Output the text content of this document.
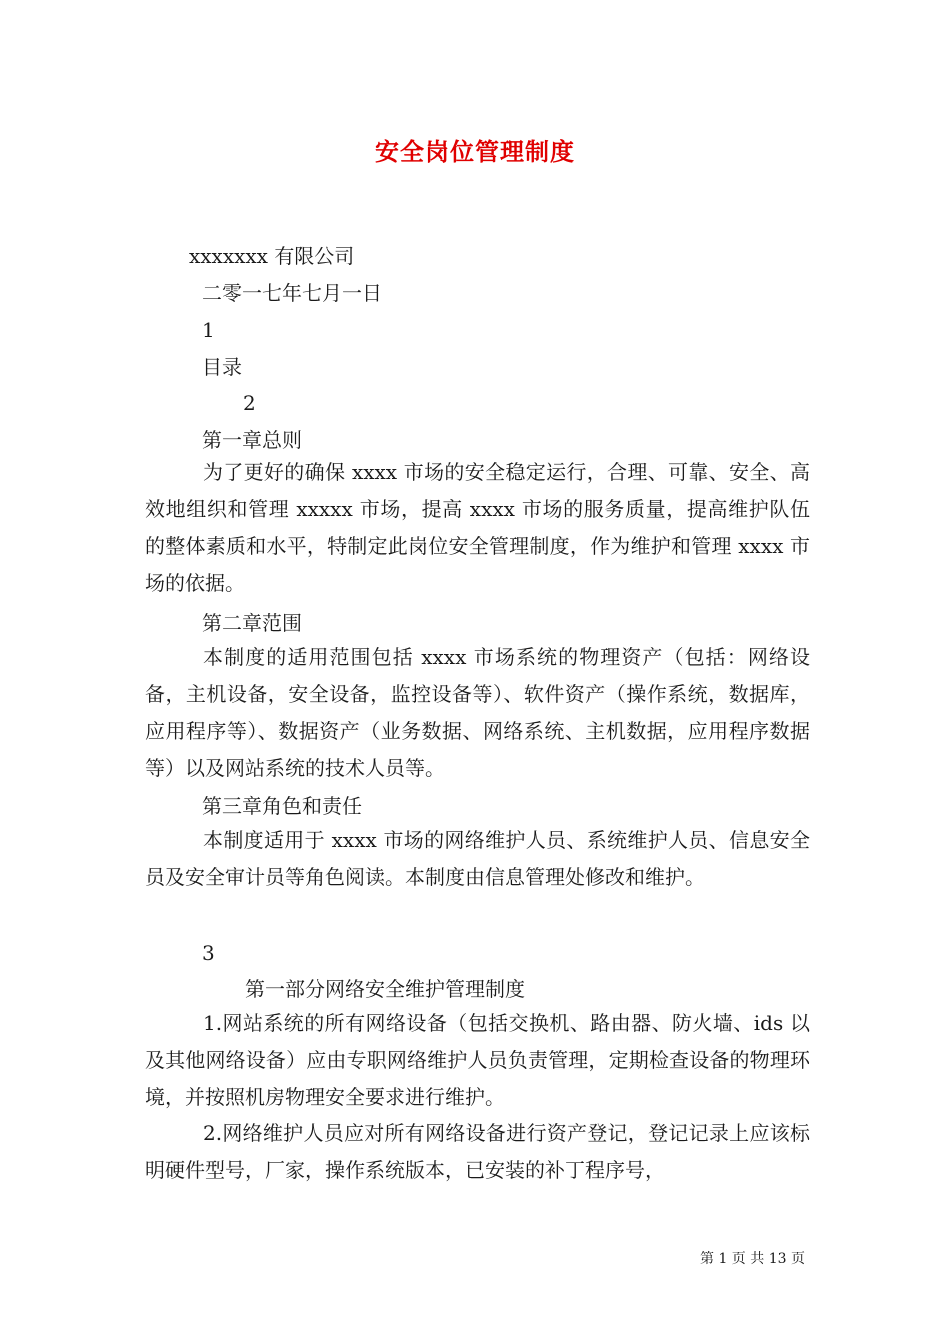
安全岗位管理制度
xxxxxxx 有限公司
二零一七年七月一日
1
目录
2
第一章总则
为了更好的确保 xxxx 市场的安全稳定运行，合理、可靠、安全、高效地组织和管理 xxxxx 市场，提高 xxxx 市场的服务质量，提高维护队伍的整体素质和水平，特制定此岗位安全管理制度，作为维护和管理 xxxx 市场的依据。
第二章范围
本制度的适用范围包括 xxxx 市场系统的物理资产（包括：网络设备，主机设备，安全设备，监控设备等）、软件资产（操作系统，数据库，应用程序等）、数据资产（业务数据、网络系统、主机数据，应用程序数据等）以及网站系统的技术人员等。
第三章角色和责任
本制度适用于 xxxx 市场的网络维护人员、系统维护人员、信息安全员及安全审计员等角色阅读。本制度由信息管理处修改和维护。
3
第一部分网络安全维护管理制度
1.网站系统的所有网络设备（包括交换机、路由器、防火墙、ids 以及其他网络设备）应由专职网络维护人员负责管理，定期检查设备的物理环境，并按照机房物理安全要求进行维护。
2.网络维护人员应对所有网络设备进行资产登记，登记记录上应该标明硬件型号，厂家，操作系统版本，已安装的补丁程序号，
第 1 页 共 13 页
